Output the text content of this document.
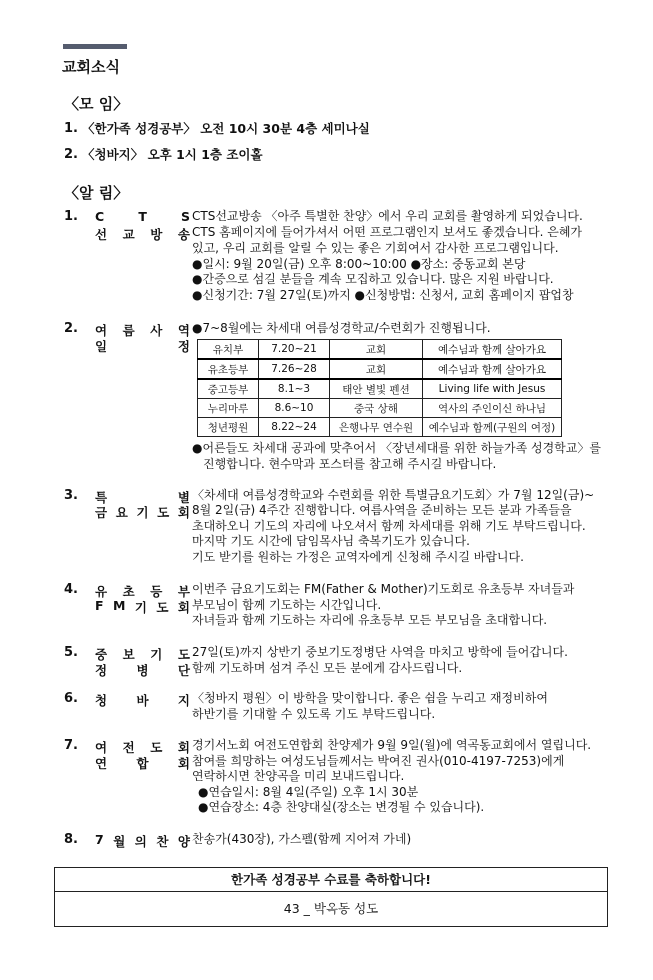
교회소식
〈모 임〉
1. 〈한가족 성경공부〉 오전 10시 30분 4층 세미나실
2. 〈청바지〉 오후 1시 1층 조이홀
〈알 림〉
1. C	T	S
선 교 방 송
CTS선교방송 〈아주 특별한 찬양〉에서 우리 교회를 촬영하게 되었습니다.
CTS 홈페이지에 들어가셔서 어떤 프로그램인지 보셔도 좋겠습니다. 은혜가
있고, 우리 교회를 알릴 수 있는 좋은 기회여서 감사한 프로그램입니다.
●일시: 9월 20일(금) 오후 8:00~10:00 ●장소: 중동교회 본당
●간증으로 섬길 분들을 계속 모집하고 있습니다. 많은 지원 바랍니다.
●신청기간: 7월 27일(토)까지 ●신청방법: 신청서, 교회 홈페이지 팝업창
2. 여 름 사 역
일	정
●7~8월에는 차세대 여름성경학교/수련회가 진행됩니다.
유치부	7.20~21	교회	예수님과 함께 살아가요
유초등부	7.26~28	교회	예수님과 함께 살아가요
중고등부	8.1~3	태안 별빛 펜션	Living life with Jesus
누리마루	8.6~10	중국 상해	역사의 주인이신 하나님
청년평원	8.22~24	은행나무 연수원	예수님과 함께(구원의 여정)
●어른들도 차세대 공과에 맞추어서 〈장년세대를 위한 하늘가족 성경학교〉를
진행합니다. 현수막과 포스터를 참고해 주시길 바랍니다.
3. 특	별
금 요 기 도 회
〈차세대 여름성경학교와 수련회를 위한 특별금요기도회〉가 7월 12일(금)~
8월 2일(금) 4주간 진행합니다. 여름사역을 준비하는 모든 분과 가족들을
초대하오니 기도의 자리에 나오셔서 함께 차세대를 위해 기도 부탁드립니다.
마지막 기도 시간에 담임목사님 축복기도가 있습니다.
기도 받기를 원하는 가정은 교역자에게 신청해 주시길 바랍니다.
4. 유 초 등 부
F M 기 도 회
이번주 금요기도회는 FM(Father & Mother)기도회로 유초등부 자녀들과
부모님이 함께 기도하는 시간입니다.
자녀들과 함께 기도하는 자리에 유초등부 모든 부모님을 초대합니다.
5. 중 보 기 도
정 병 단
27일(토)까지 상반기 중보기도정병단 사역을 마치고 방학에 들어갑니다.
함께 기도하며 섬겨 주신 모든 분에게 감사드립니다.
6. 청 바 지 〈청바지 평원〉이 방학을 맞이합니다. 좋은 쉼을 누리고 재정비하여
하반기를 기대할 수 있도록 기도 부탁드립니다.
7. 여 전 도 회
연 합 회
경기서노회 여전도연합회 찬양제가 9월 9일(월)에 역곡동교회에서 열립니다.
참여를 희망하는 여성도님들께서는 박여진 권사(010-4197-7253)에게
연락하시면 찬양곡을 미리 보내드립니다.
●연습일시: 8월 4일(주일) 오후 1시 30분
●연습장소: 4층 찬양대실(장소는 변경될 수 있습니다).
8. 7 월 의 찬 양 찬송가(430장), 가스펠(함께 지어져 가네)
한가족 성경공부 수료를 축하합니다!
43 _ 박옥동 성도
